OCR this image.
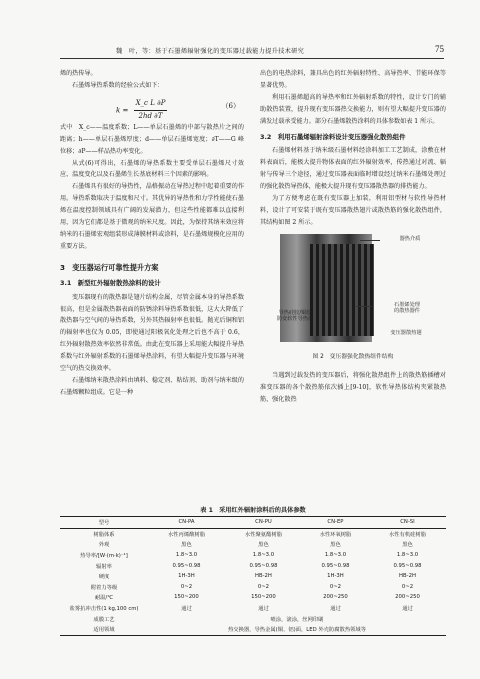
魏　叶，等：基于石墨烯辐射强化的变压器过载能力提升技术研究	75

烯的热传导。

石墨烯导热系数的经验公式如下：

$k = \frac{\text{X\_c L ∂P}}{2hd \partial T}$	（6）

式中　X_c——温度系数；L——单层石墨烯的中部与散热片之间的距离；h——单层石墨烯厚度；d——单层石墨烯宽度；∂T——G 峰位移；∂P——样品热功率变化。

从式(6)可得出，石墨烯的导热系数主要受单层石墨烯尺寸效应、温度变化以及石墨烯生长基底材料三个因素的影响。

石墨烯具有很好的导热性，晶格振动在导热过程中起着重要的作用。导热系数取决于温度和尺寸。其优异的导热性和力学性能使石墨烯在温度控制领域具有广阔的发展潜力，但这些性能都难以直接利用，因为它们都是基于微观的纳米尺度。因此，为保持其纳米效应将纳米的石墨烯宏观组装形成薄膜材料或涂料，是石墨烯规模化应用的重要方法。

3　变压器运行可靠性提升方案
3.1　新型红外辐射散热涂料的设计

变压器现有的散热器是翅片结构金属，尽管金属本身的导热系数很高，但是金属散热器表面的防锈涂料导热系数很低，这大大降低了散热器与空气间的导热系数，另外其热辐射率也很低。抛光后铜和铝的辐射率也仅为 0.05，即使通过阳极氧化处理之后也不高于 0.6，红外辐射散热效率依然非常低。由此在变压器上采用能大幅提升导热系数与红外辐射系数的石墨烯导热涂料，有望大幅提升变压器与环境空气的热交换效率。

石墨烯纳米散热涂料由填料、稳定剂、粘结剂、助剂与纳米级的石墨烯颗粒组成。它是一种

出色的电热涂料，兼具出色的红外辐射特性、高导热率、节能环保等显著优势。

利用石墨烯超高的导热率和红外辐射系数的特性，设计专门的辅助散热装置，提升现有变压器热交换能力，则有望大幅提升变压器的满发过载承受能力。部分石墨烯散热涂料的具体参数如表 1 所示。

3.2　利用石墨烯辐射涂料设计变压器强化散热组件

石墨烯材料基于纳米级石墨材料经涂料加工工艺制成，涂敷在材料表面后，能极大提升物体表面的红外辐射效率，传热通过对流、辐射与传导三个途径，通过变压器表面临时增设经过纳米石墨烯处理过的强化散热导热体，能极大提升现有变压器散热器的排热能力。

为了方便考虑在既有变压器上加装，利用铝型材与软性导热材料，设计了可安装于既有变压器散热翅片或散热筋的强化散热组件，其结构如图 2 所示。

器热介质
导热硅胶/铜胶
防变软性导热体
石墨烯处理
的散热器件
变压器散热翅
图 2　变压器强化散热组件结构

当遇到过载发热的变压器后，将强化散热组件上的散热筋插槽对准变压器的各个散热筋依次插上[9-10]，软性导热体结构夹紧散热筋，强化散热

表 1　采用红外辐射涂料后的具体参数
型号	CN-PA	CN-PU	CN-EP	CN-SI
树脂体系	水性丙烯酸树脂	水性聚氨酯树脂	水性环氧树脂	水性有机硅树脂
外观	黑色	黑色	黑色	黑色
热导率/[W·(m·k)⁻¹]	1.8~3.0	1.8~3.0	1.8~3.0	1.8~3.0
辐射率	0.95~0.98	0.95~0.98	0.95~0.98	0.95~0.98
硬度	1H-3H	HB-2H	1H-3H	HB-2H
附着力等级	0~2	0~2	0~2	0~2
耐温/℃	150~200	150~200	200~250	200~250
盐雾抗冲击性(1 kg,100 cm)	通过	通过	通过	通过
成膜工艺	喷涂，滚涂，丝网印刷			
适用领域	热交换器，导热金属(铜、铝)面，LED 外壳防腐散热领域等			
